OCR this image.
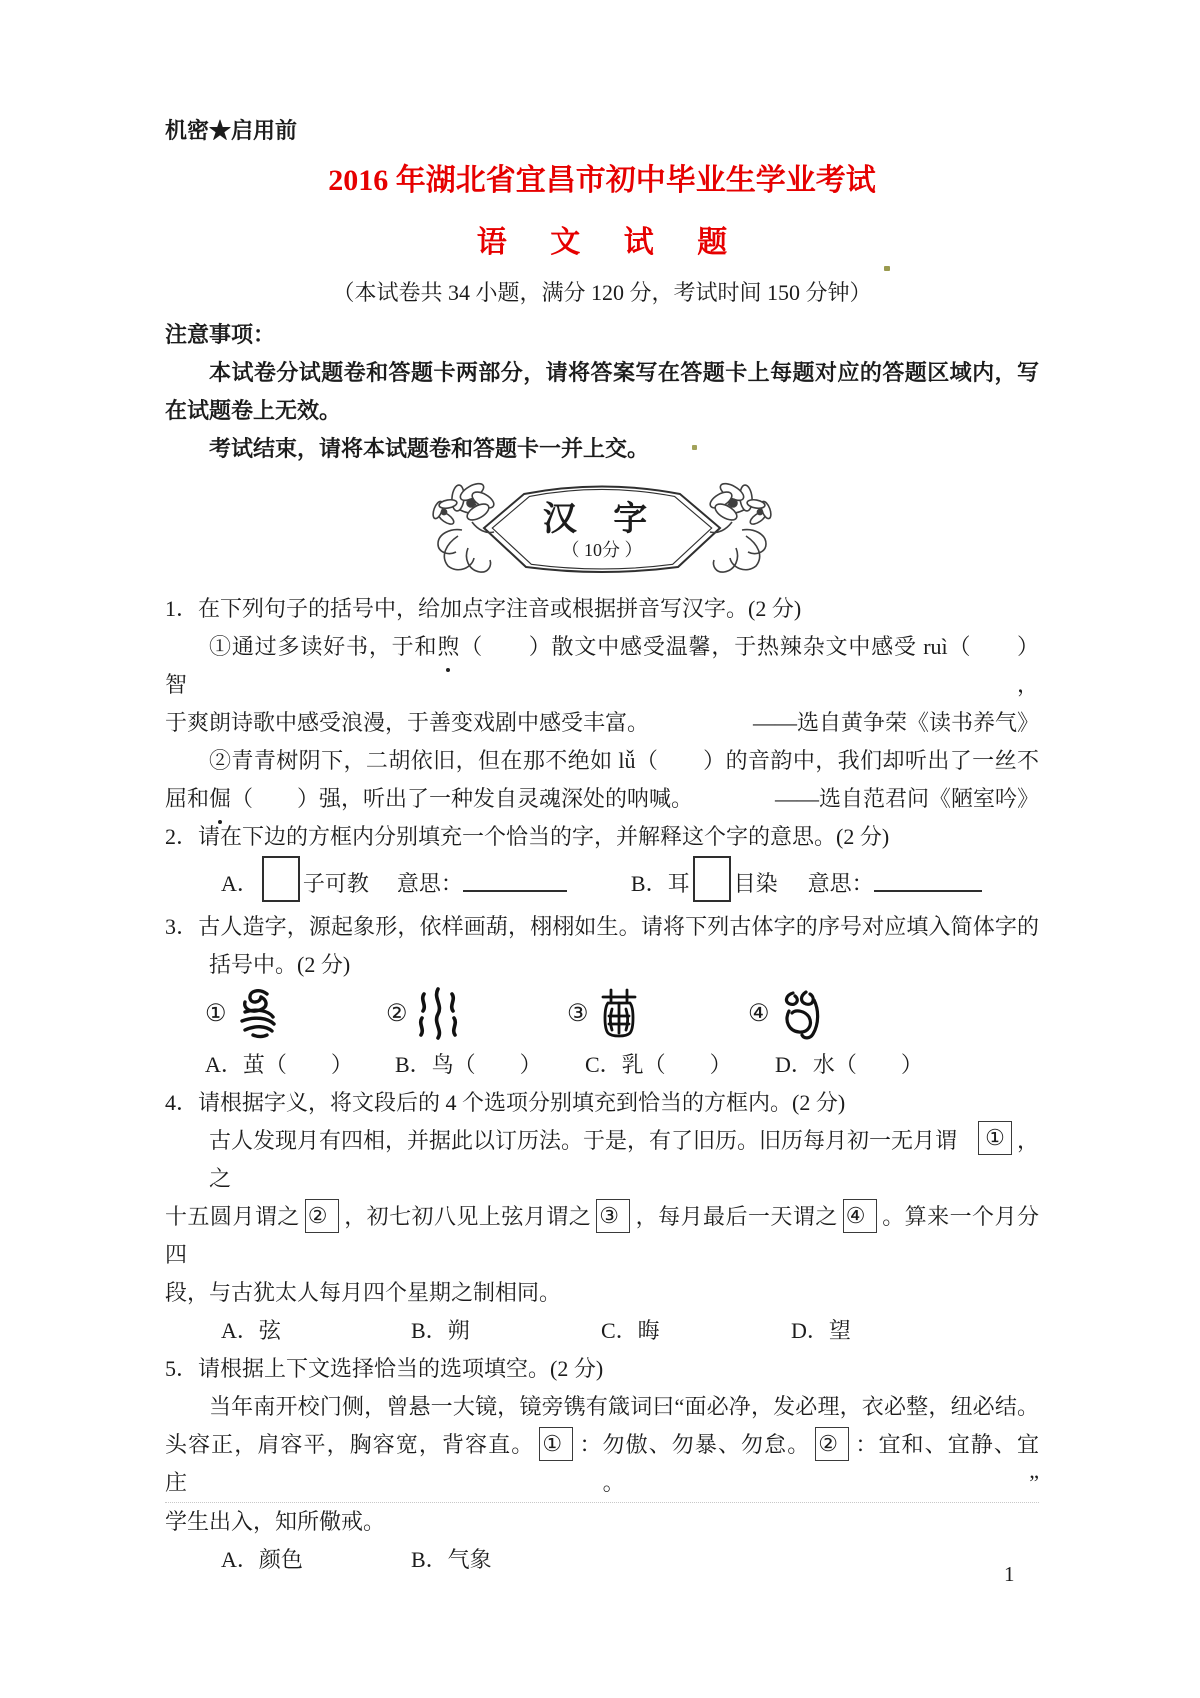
机密★启用前
2016 年湖北省宜昌市初中毕业生学业考试
语 文 试 题
（本试卷共 34 小题，满分 120 分，考试时间 150 分钟）
注意事项：
本试卷分试题卷和答题卡两部分，请将答案写在答题卡上每题对应的答题区域内，写
在试题卷上无效。
考试结束，请将本试题卷和答题卡一并上交。
汉 字
（ 10分 ）
1．在下列句子的括号中，给加点字注音或根据拼音写汉字。(2 分)
①通过多读好书，于和煦（　　）散文中感受温馨，于热辣杂文中感受 ruì（　　）智，
于爽朗诗歌中感受浪漫，于善变戏剧中感受丰富。	——选自黄争荣《读书养气》
②青青树阴下，二胡依旧，但在那不绝如 lǚ（　　）的音韵中，我们却听出了一丝不
屈和 倔 （　　）强，听出了一种发自灵魂深处的呐喊。	——选自范君问《陋室吟》
2．请在下边的方框内分别填充一个恰当的字，并解释这个字的意思。(2 分)
A． 子可教 意思：	B．耳 目染 意思：
3．古人造字，源起象形，依样画葫，栩栩如生。请将下列古体字的序号对应填入简体字的
括号中。(2 分)
①	②	③	④
A．茧（　　）	B．鸟（　　）	C．乳（　　）	D．水（　　）
4．请根据字义，将文段后的 4 个选项分别填充到恰当的方框内。(2 分)
古人发现月有四相，并据此以订历法。于是，有了旧历。旧历每月初一无月谓之
① ，
十五圆月谓之 ② ，初七初八见上弦月谓之 ③ ，每月最后一天谓之 ④ 。算来一个月分四
段，与古犹太人每月四个星期之制相同。
A．弦	B．朔	C．晦	D．望
5．请根据上下文选择恰当的选项填空。(2 分)
当年南开校门侧，曾悬一大镜，镜旁镌有箴词曰“面必净，发必理，衣必整，纽必结。
头容正，肩容平，胸容宽，背容直。 ① ：勿傲、勿暴、勿怠。 ② ：宜和、宜静、宜庄。”
学生出入，知所儆戒。
A．颜色	B．气象
1
